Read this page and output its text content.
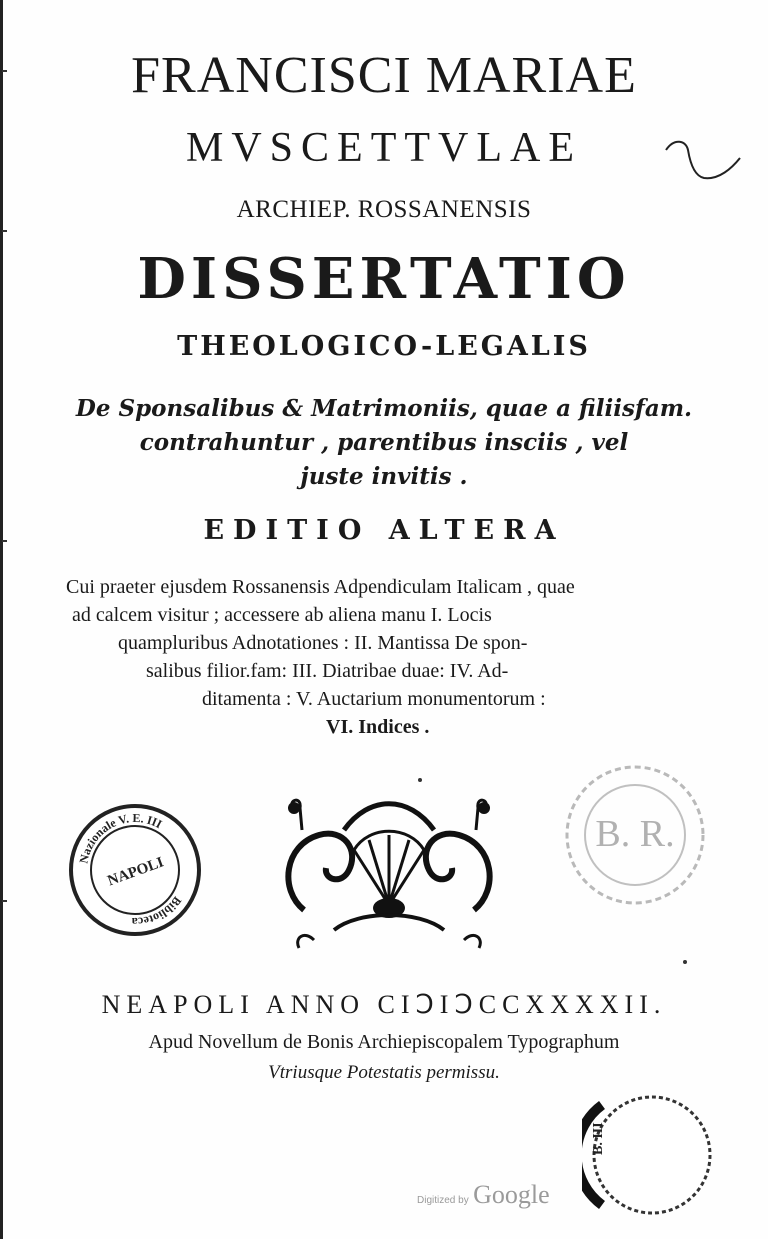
FRANCISCI MARIAE
MVSCETTVLAE
ARCHIEP. ROSSANENSIS
DISSERTATIO
THEOLOGICO-LEGALIS
De Sponsalibus & Matrimoniis, quae a filiisfam.
contrahuntur , parentibus insciis , vel
juste invitis .
EDITIO ALTERA
Cui praeter ejusdem Rossanensis Adpendiculam Italicam , quae
ad calcem visitur ; accessere ab aliena manu I. Locis
quampluribus Adnotationes : II. Mantissa De spon-
salibus filior.fam: III. Diatribae duae: IV. Ad-
ditamenta : V. Auctarium monumentorum :
VI. Indices .
Nazionale V. E. III
Biblioteca
NAPOLI
B. R.
NEAPOLI ANNO CIↃIↃCCXXXXII.
Apud Novellum de Bonis Archiepiscopalem Typographum
Vtriusque Potestatis permissu.
B. III
Digitized by Google
